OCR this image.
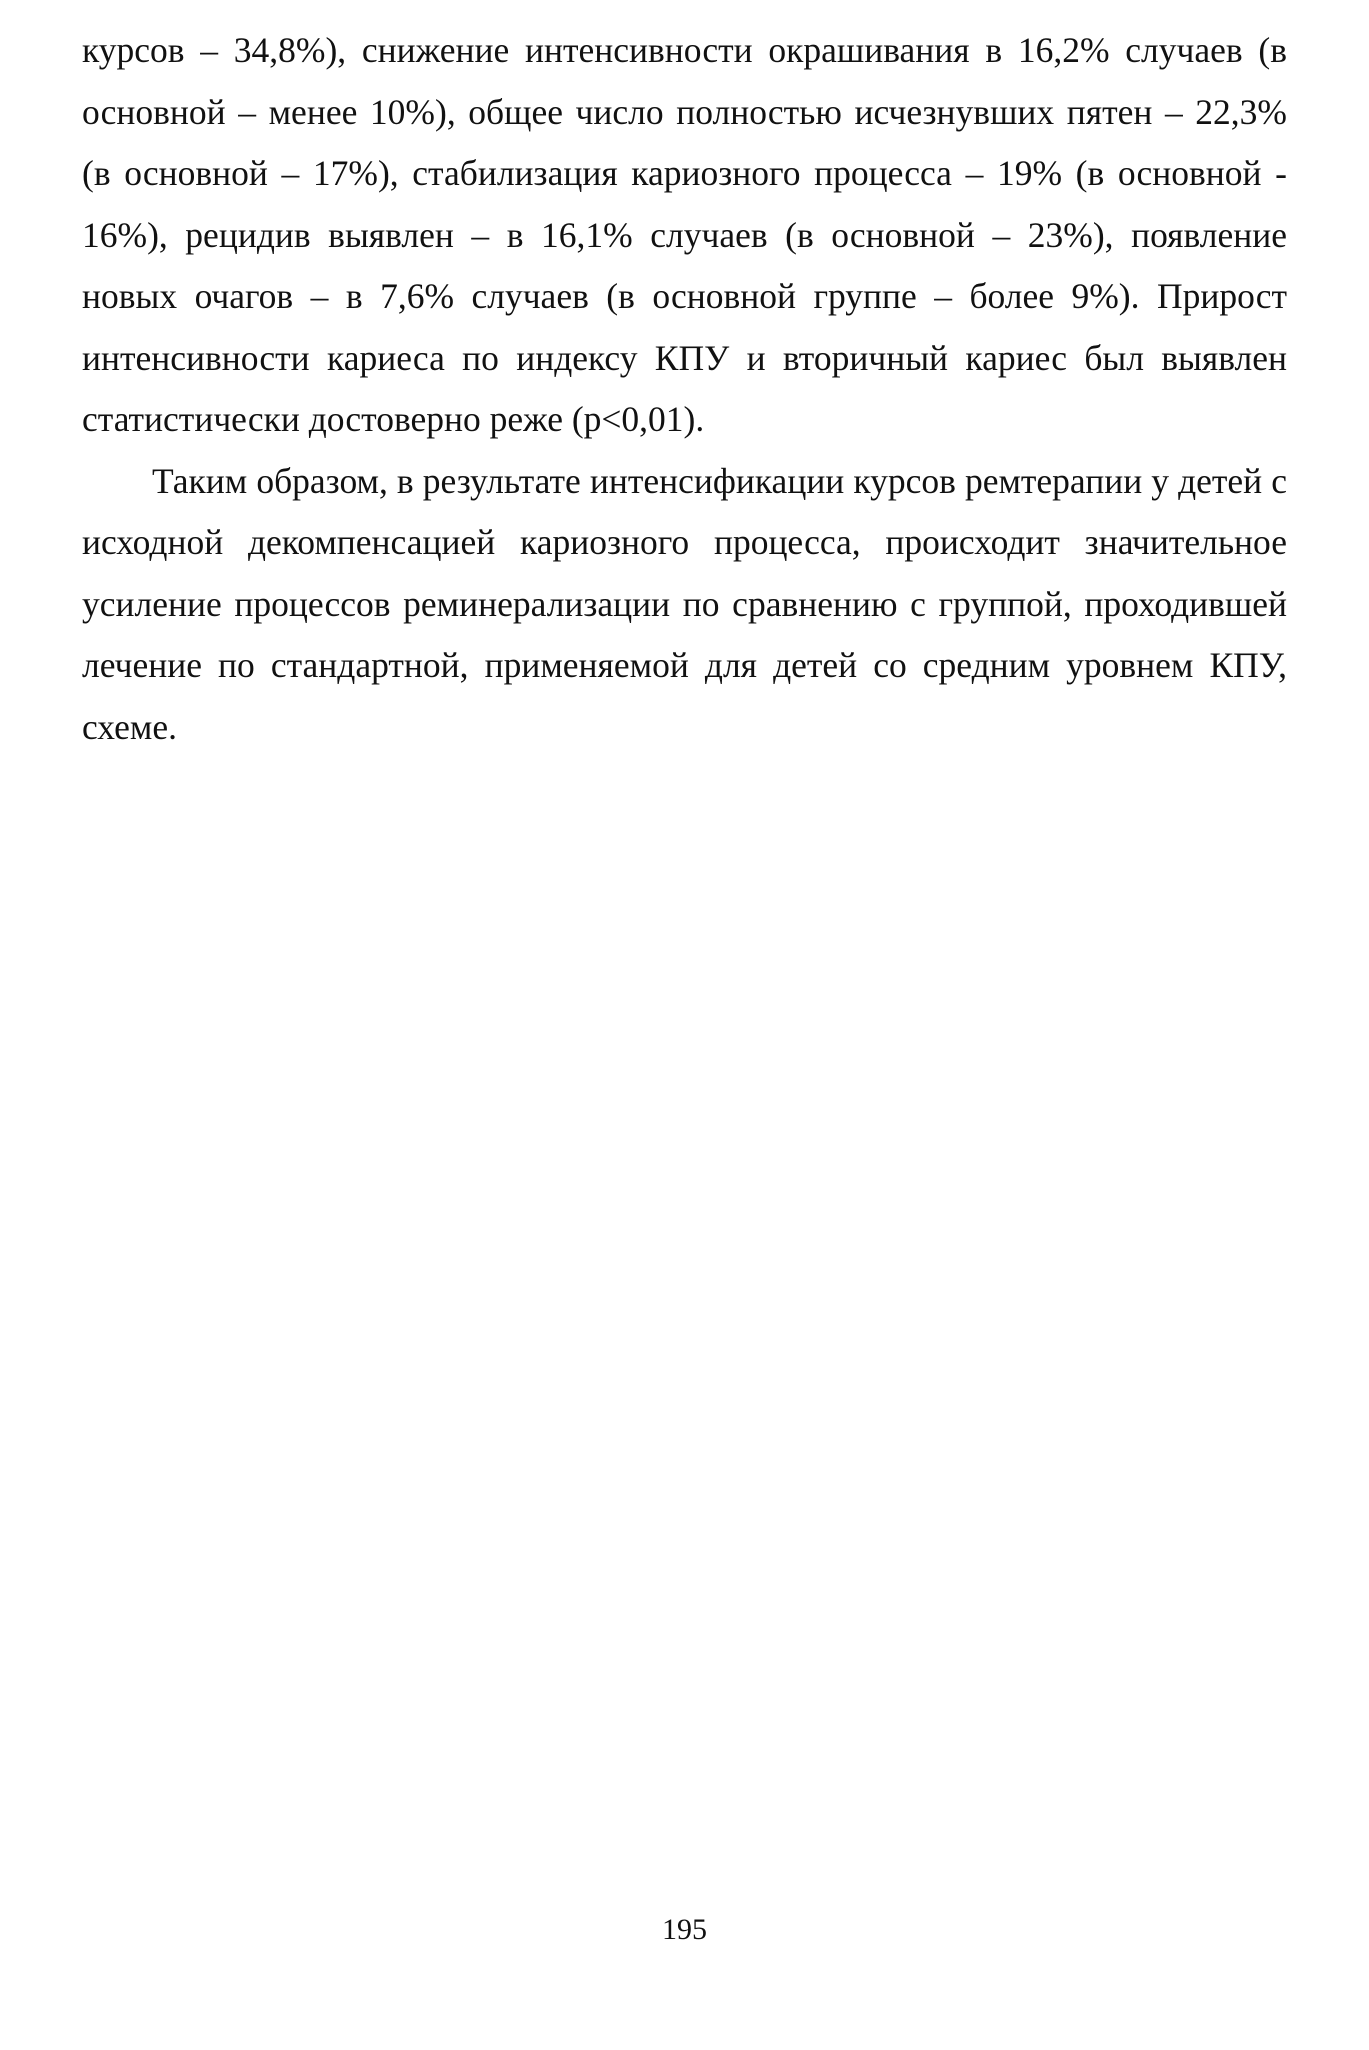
курсов – 34,8%), снижение интенсивности окрашивания в 16,2% случаев (в основной – менее 10%), общее число полностью исчезнувших пятен – 22,3% (в основной – 17%), стабилизация кариозного процесса – 19% (в основной - 16%), рецидив выявлен – в 16,1% случаев (в основной – 23%), появление новых очагов – в 7,6% случаев (в основной группе – более 9%). Прирост интенсивности кариеса по индексу КПУ и вторичный кариес был выявлен статистически достоверно реже (p<0,01).

Таким образом, в результате интенсификации курсов ремтерапии у детей с исходной декомпенсацией кариозного процесса, происходит значительное усиление процессов реминерализации по сравнению с группой, проходившей лечение по стандартной, применяемой для детей со средним уровнем КПУ, схеме.

195
